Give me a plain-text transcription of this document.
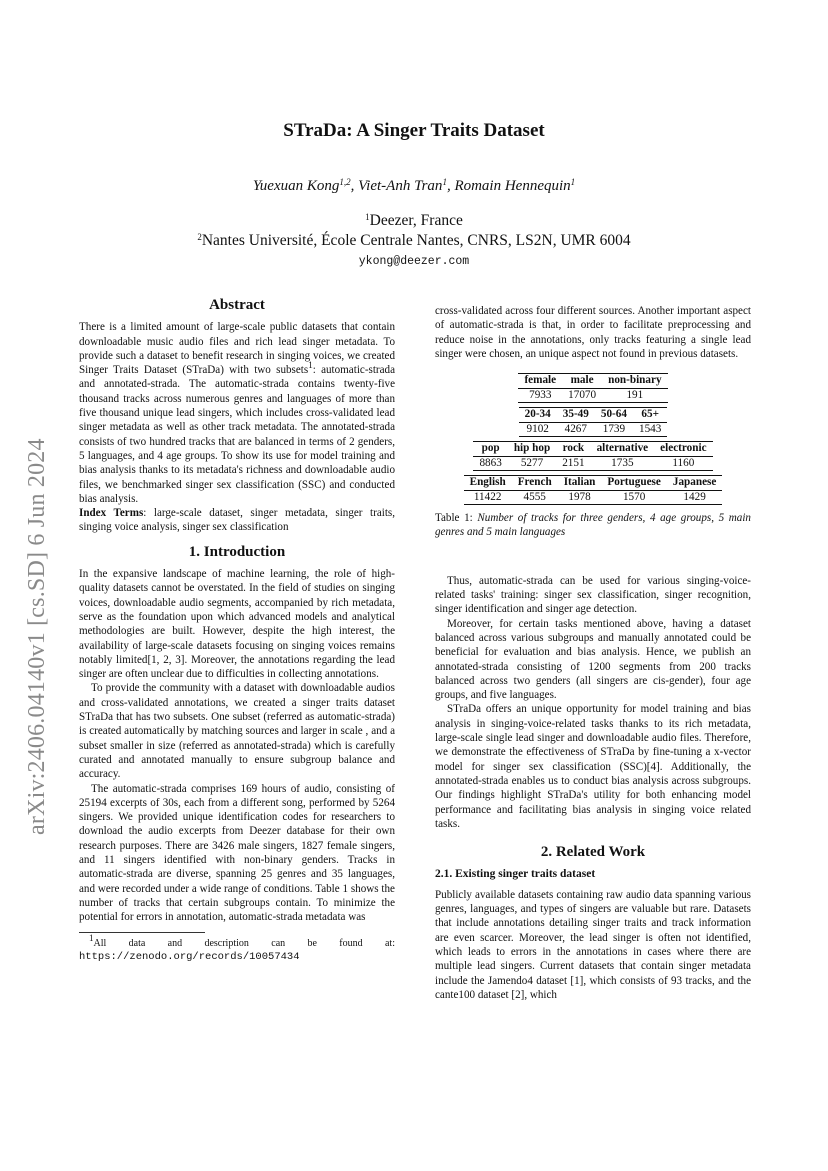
arXiv:2406.04140v1 [cs.SD] 6 Jun 2024
STraDa: A Singer Traits Dataset
Yuexuan Kong$^{1,2}$, Viet-Anh Tran$^1$, Romain Hennequin$^1$
$^1$Deezer, France
$^2$Nantes Université, École Centrale Nantes, CNRS, LS2N, UMR 6004
ykong@deezer.com
Abstract

There is a limited amount of large-scale public datasets that contain downloadable music audio files and rich lead singer metadata. To provide such a dataset to benefit research in singing voices, we created Singer Traits Dataset (STraDa) with two subsets$^1$: automatic-strada and annotated-strada. The automatic-strada contains twenty-five thousand tracks across numerous genres and languages of more than five thousand unique lead singers, which includes cross-validated lead singer metadata as well as other track metadata. The annotated-strada consists of two hundred tracks that are balanced in terms of 2 genders, 5 languages, and 4 age groups. To show its use for model training and bias analysis thanks to its metadata's richness and downloadable audio files, we benchmarked singer sex classification (SSC) and conducted bias analysis.

Index Terms: large-scale dataset, singer metadata, singer traits, singing voice analysis, singer sex classification

1. Introduction

In the expansive landscape of machine learning, the role of high-quality datasets cannot be overstated. In the field of studies on singing voices, downloadable audio segments, accompanied by rich metadata, serve as the foundation upon which advanced models and analytical methodologies are built. However, despite the high interest, the availability of large-scale datasets focusing on singing voices remains notably limited[1, 2, 3]. Moreover, the annotations regarding the lead singer are often unclear due to difficulties in collecting annotations.

To provide the community with a dataset with downloadable audios and cross-validated annotations, we created a singer traits dataset STraDa that has two subsets. One subset (referred as automatic-strada) is created automatically by matching sources and larger in scale , and a subset smaller in size (referred as annotated-strada) which is carefully curated and annotated manually to ensure subgroup balance and accuracy.

The automatic-strada comprises 169 hours of audio, consisting of 25194 excerpts of 30s, each from a different song, performed by 5264 singers. We provided unique identification codes for researchers to download the audio excerpts from Deezer database for their own research purposes. There are 3426 male singers, 1827 female singers, and 11 singers identified with non-binary genders. Tracks in automatic-strada are diverse, spanning 25 genres and 35 languages, and were recorded under a wide range of conditions. Table 1 shows the number of tracks that certain subgroups contain. To minimize the potential for errors in annotation, automatic-strada metadata was

$^1$All data and description can be found at: https://zenodo.org/records/10057434

cross-validated across four different sources. Another important aspect of automatic-strada is that, in order to facilitate preprocessing and reduce noise in the annotations, only tracks featuring a single lead singer were chosen, an unique aspect not found in previous datasets.

female	male	non-binary
7933	17070	191
20-34	35-49	50-64	65+
9102	4267	1739	1543
pop	hip hop	rock	alternative	electronic
8863	5277	2151	1735	1160
English	French	Italian	Portuguese	Japanese
11422	4555	1978	1570	1429
Table 1: Number of tracks for three genders, 4 age groups, 5 main genres and 5 main languages

Thus, automatic-strada can be used for various singing-voice-related tasks' training: singer sex classification, singer recognition, singer identification and singer age detection.

Moreover, for certain tasks mentioned above, having a dataset balanced across various subgroups and manually annotated could be beneficial for evaluation and bias analysis. Hence, we publish an annotated-strada consisting of 1200 segments from 200 tracks balanced across two genders (all singers are cis-gender), four age groups, and five languages.

STraDa offers an unique opportunity for model training and bias analysis in singing-voice-related tasks thanks to its rich metadata, large-scale single lead singer and downloadable audio files. Therefore, we demonstrate the effectiveness of STraDa by fine-tuning a x-vector model for singer sex classification (SSC)[4]. Additionally, the annotated-strada enables us to conduct bias analysis across subgroups. Our findings highlight STraDa's utility for both enhancing model performance and facilitating bias analysis in singing voice related tasks.

2. Related Work
2.1. Existing singer traits dataset

Publicly available datasets containing raw audio data spanning various genres, languages, and types of singers are valuable but rare. Datasets that include annotations detailing singer traits and track information are even scarcer. Moreover, the lead singer is often not identified, which leads to errors in the annotations in cases where there are multiple lead singers. Current datasets that contain singer metadata include the Jamendo4 dataset [1], which consists of 93 tracks, and the cante100 dataset [2], which
